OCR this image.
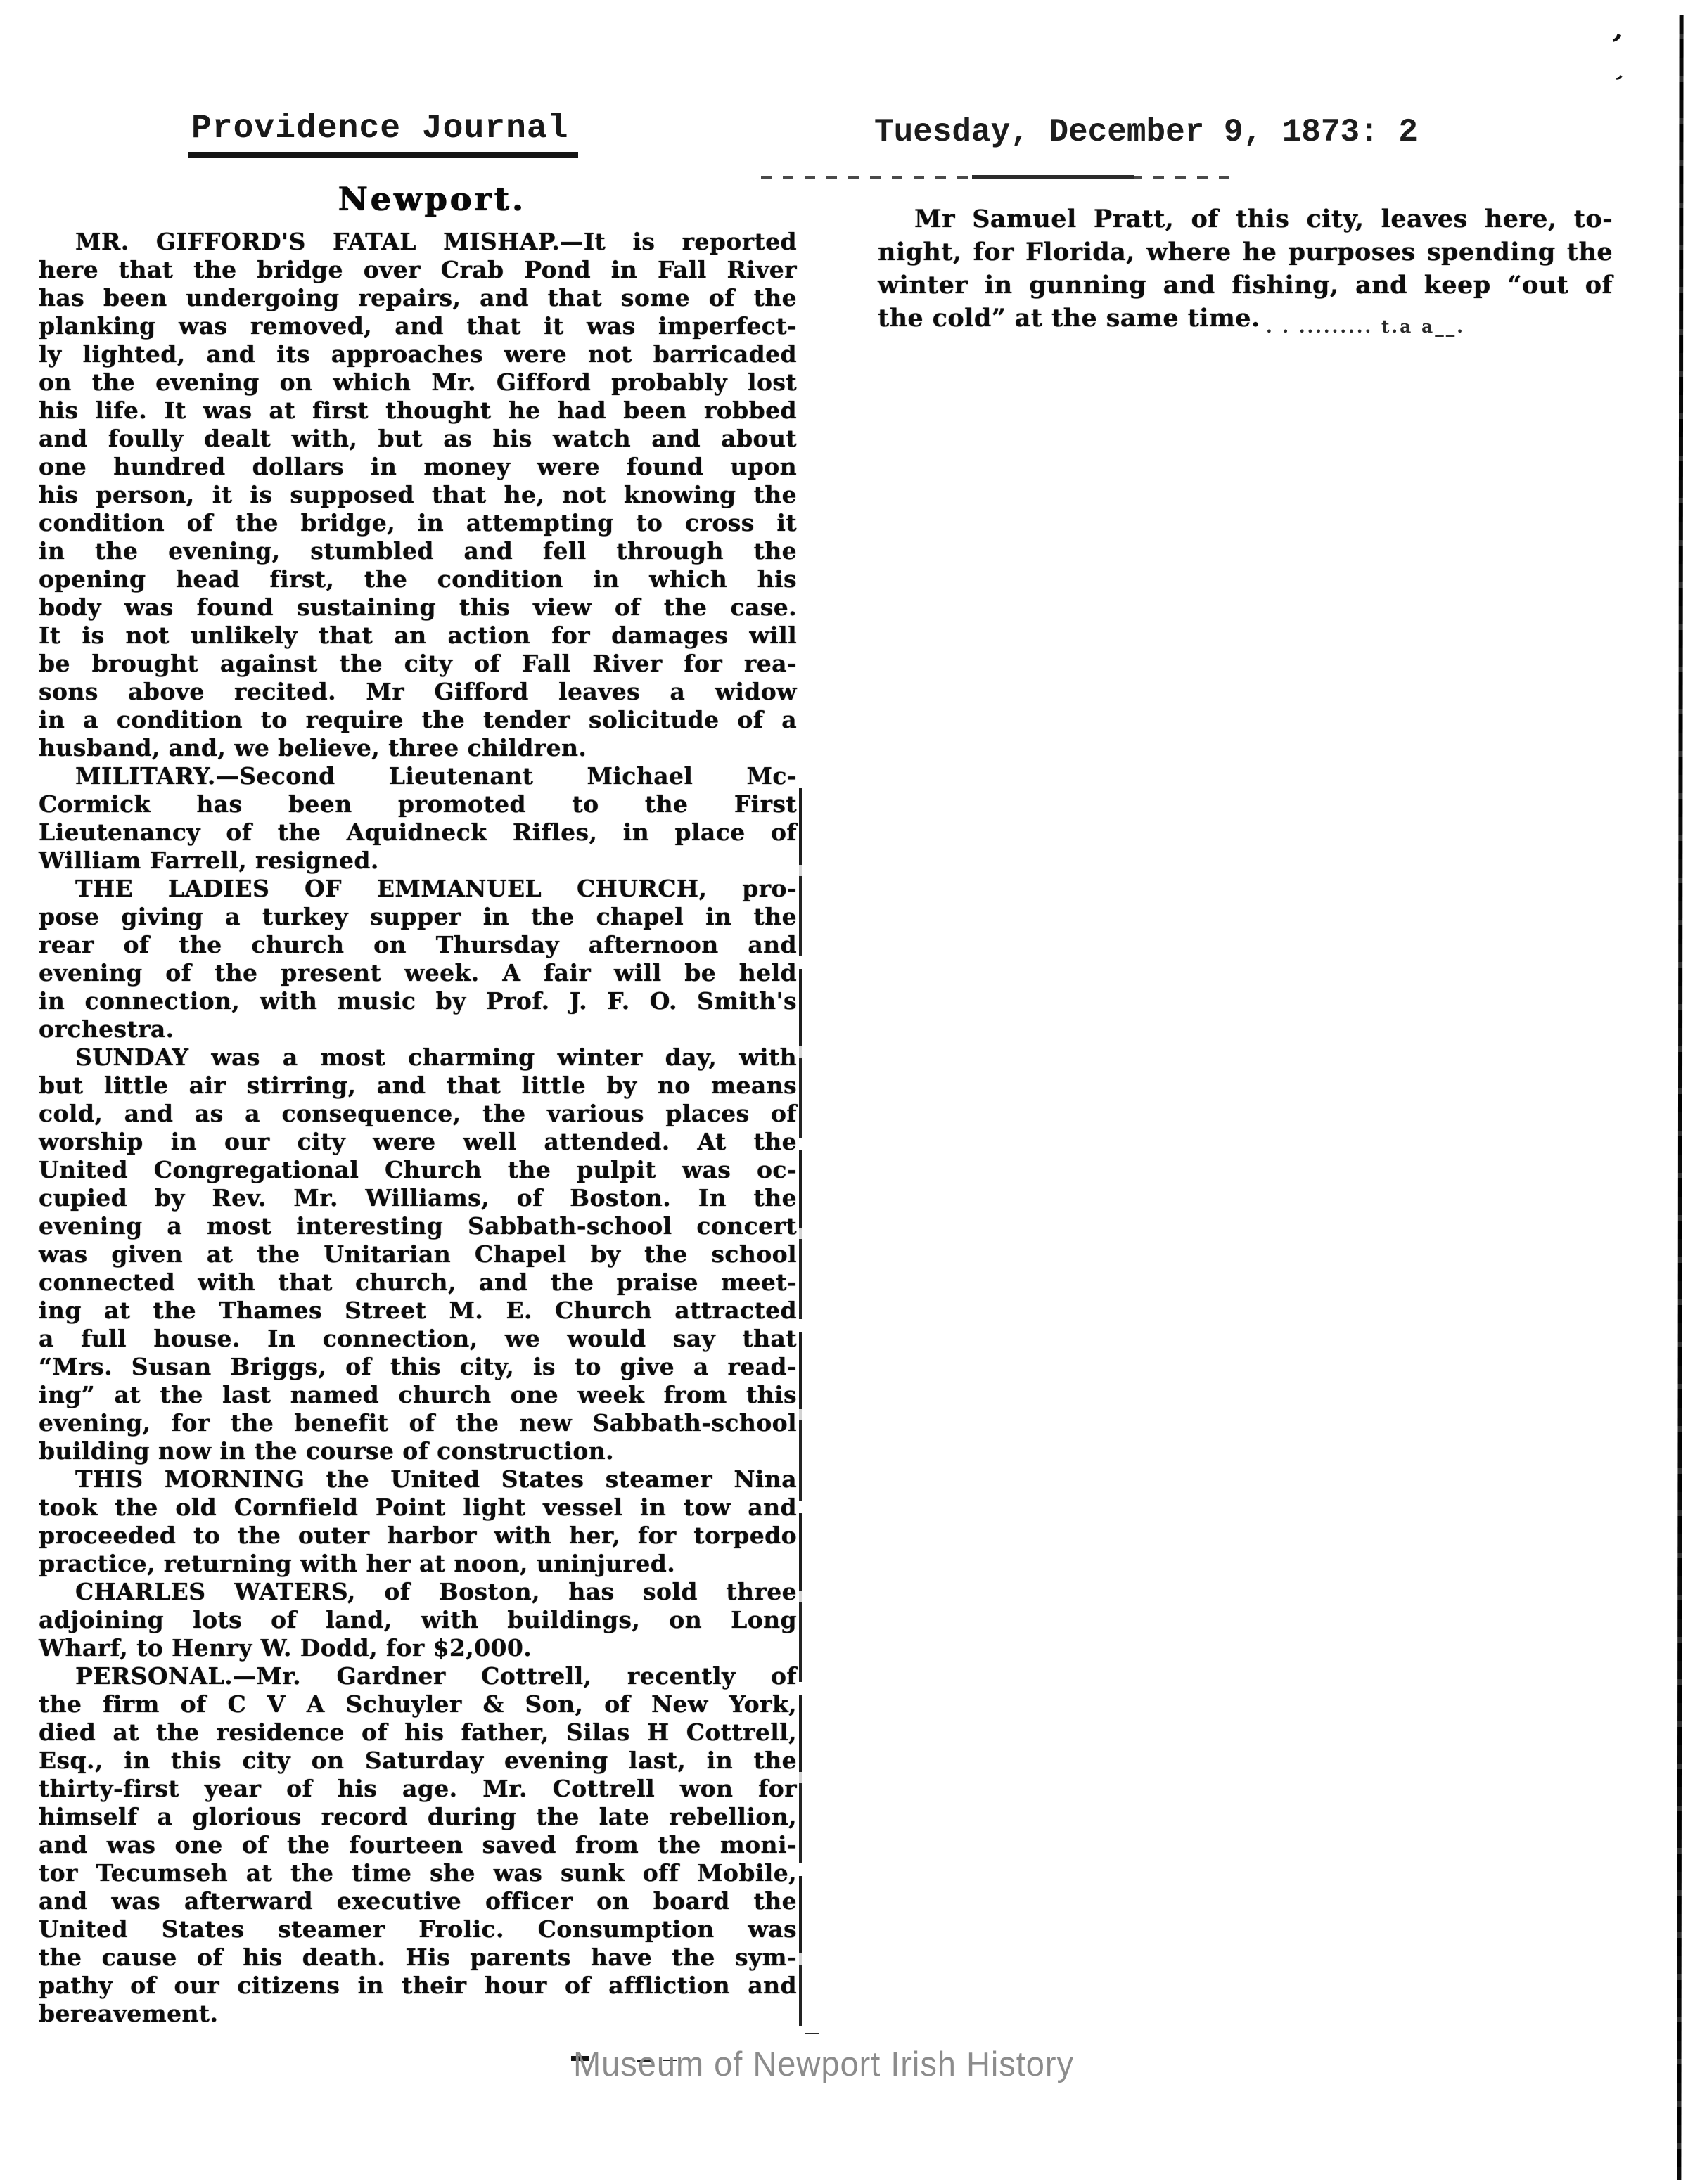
Providence Journal	Tuesday, December 9, 1873: 2
’
‚
Newport.
MR. GIFFORD'S FATAL MISHAP.—It is reported
here that the bridge over Crab Pond in Fall River
has been undergoing repairs, and that some of the
planking was removed, and that it was imperfect-
ly lighted, and its approaches were not barricaded
on the evening on which Mr. Gifford probably lost
his life. It was at first thought he had been robbed
and foully dealt with, but as his watch and about
one hundred dollars in money were found upon
his person, it is supposed that he, not knowing the
condition of the bridge, in attempting to cross it
in the evening, stumbled and fell through the
opening head first, the condition in which his
body was found sustaining this view of the case.
It is not unlikely that an action for damages will
be brought against the city of Fall River for rea-
sons above recited. Mr Gifford leaves a widow
in a condition to require the tender solicitude of a
husband, and, we believe, three children.
MILITARY.—Second Lieutenant Michael Mc-
Cormick has been promoted to the First
Lieutenancy of the Aquidneck Rifles, in place of
William Farrell, resigned.
THE LADIES OF EMMANUEL CHURCH, pro-
pose giving a turkey supper in the chapel in the
rear of the church on Thursday afternoon and
evening of the present week. A fair will be held
in connection, with music by Prof. J. F. O. Smith's
orchestra.
SUNDAY was a most charming winter day, with
but little air stirring, and that little by no means
cold, and as a consequence, the various places of
worship in our city were well attended. At the
United Congregational Church the pulpit was oc-
cupied by Rev. Mr. Williams, of Boston. In the
evening a most interesting Sabbath-school concert
was given at the Unitarian Chapel by the school
connected with that church, and the praise meet-
ing at the Thames Street M. E. Church attracted
a full house. In connection, we would say that
“Mrs. Susan Briggs, of this city, is to give a read-
ing” at the last named church one week from this
evening, for the benefit of the new Sabbath-school
building now in the course of construction.
THIS MORNING the United States steamer Nina
took the old Cornfield Point light vessel in tow and
proceeded to the outer harbor with her, for torpedo
practice, returning with her at noon, uninjured.
CHARLES WATERS, of Boston, has sold three
adjoining lots of land, with buildings, on Long
Wharf, to Henry W. Dodd, for $2,000.
PERSONAL.—Mr. Gardner Cottrell, recently of
the firm of C V A Schuyler & Son, of New York,
died at the residence of his father, Silas H Cottrell,
Esq., in this city on Saturday evening last, in the
thirty-first year of his age. Mr. Cottrell won for
himself a glorious record during the late rebellion,
and was one of the fourteen saved from the moni-
tor Tecumseh at the time she was sunk off Mobile,
and was afterward executive officer on board the
United States steamer Frolic. Consumption was
the cause of his death. His parents have the sym-
pathy of our citizens in their hour of affliction and
bereavement.
Mr Samuel Pratt, of this city, leaves here, to-
night, for Florida, where he purposes spending the
winter in gunning and fishing, and keep “out of
the cold” at the same time. . . ......... t.a a__.
Museum of Newport Irish History
